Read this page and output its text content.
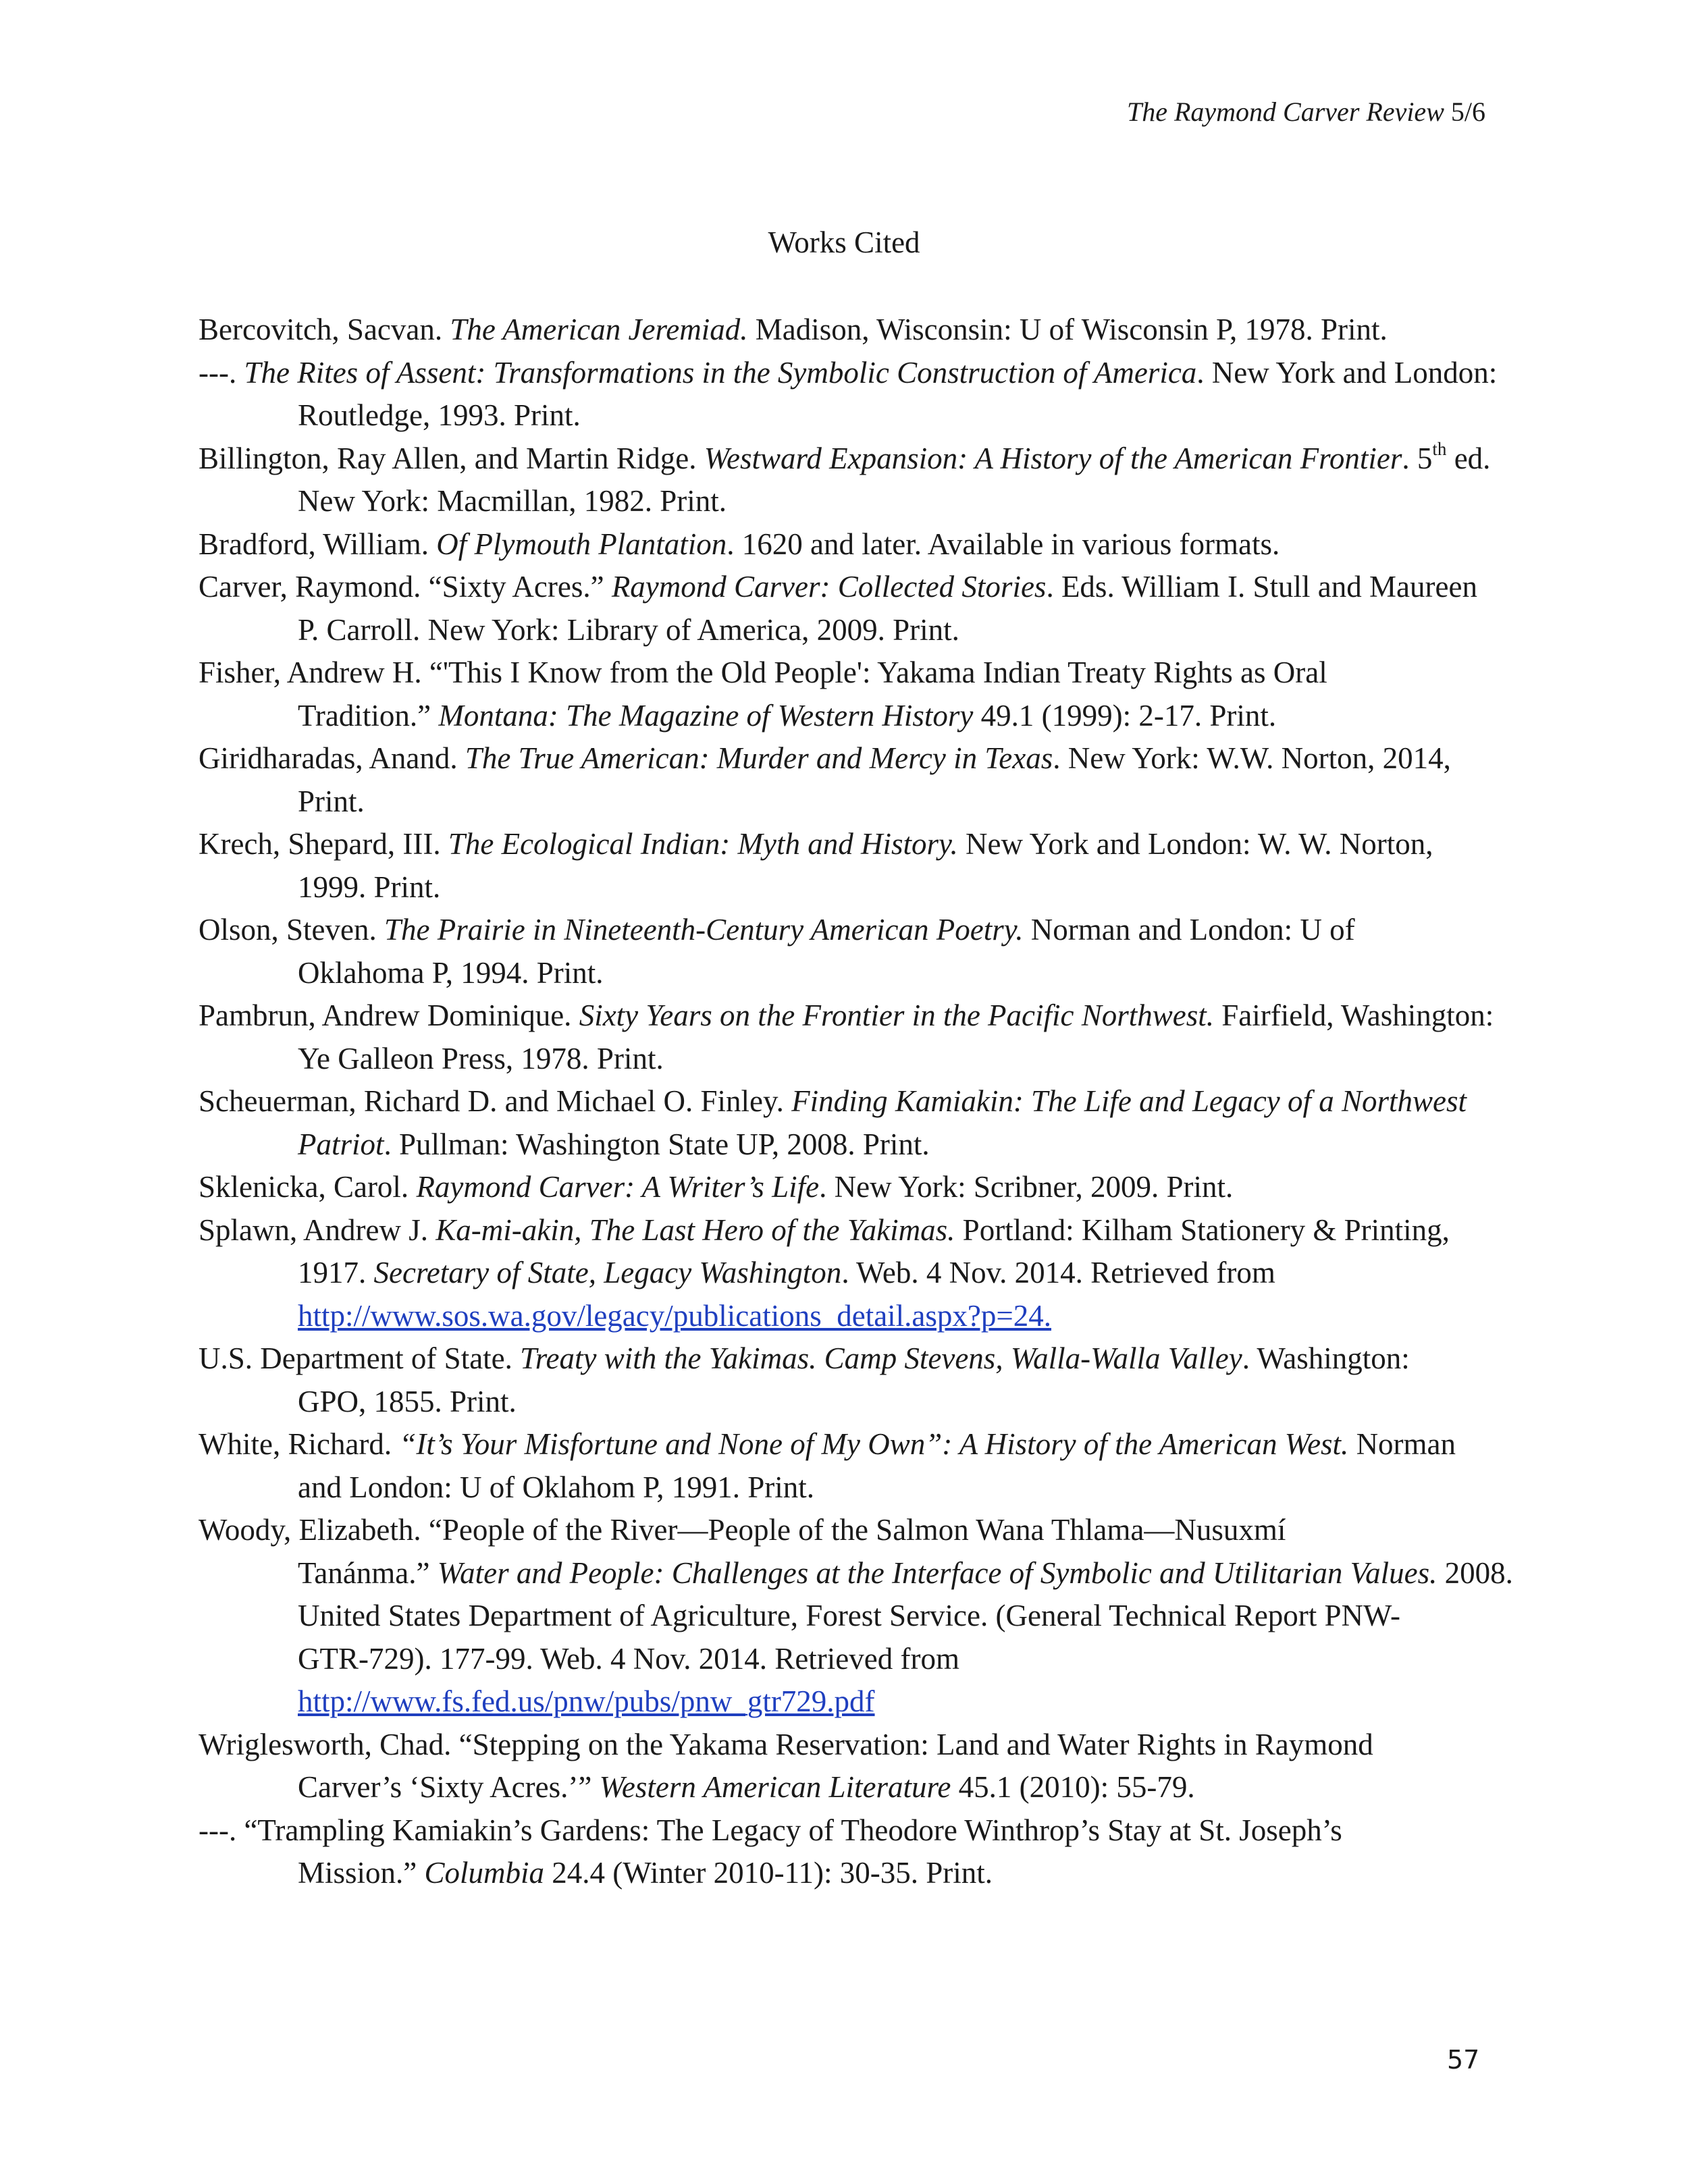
The Raymond Carver Review 5/6
Works Cited
Bercovitch, Sacvan. The American Jeremiad. Madison, Wisconsin: U of Wisconsin P, 1978. Print.
---. The Rites of Assent: Transformations in the Symbolic Construction of America. New York and London:
Routledge, 1993. Print.
Billington, Ray Allen, and Martin Ridge. Westward Expansion: A History of the American Frontier. 5th ed.
New York: Macmillan, 1982. Print.
Bradford, William. Of Plymouth Plantation. 1620 and later. Available in various formats.
Carver, Raymond. “Sixty Acres.” Raymond Carver: Collected Stories. Eds. William I. Stull and Maureen
P. Carroll. New York: Library of America, 2009. Print.
Fisher, Andrew H. “'This I Know from the Old People': Yakama Indian Treaty Rights as Oral
Tradition.” Montana: The Magazine of Western History 49.1 (1999): 2-17. Print.
Giridharadas, Anand. The True American: Murder and Mercy in Texas. New York: W.W. Norton, 2014,
Print.
Krech, Shepard, III. The Ecological Indian: Myth and History. New York and London: W. W. Norton,
1999. Print.
Olson, Steven. The Prairie in Nineteenth-Century American Poetry. Norman and London: U of
Oklahoma P, 1994. Print.
Pambrun, Andrew Dominique. Sixty Years on the Frontier in the Pacific Northwest. Fairfield, Washington:
Ye Galleon Press, 1978. Print.
Scheuerman, Richard D. and Michael O. Finley. Finding Kamiakin: The Life and Legacy of a Northwest
Patriot. Pullman: Washington State UP, 2008. Print.
Sklenicka, Carol. Raymond Carver: A Writer’s Life. New York: Scribner, 2009. Print.
Splawn, Andrew J. Ka-mi-akin, The Last Hero of the Yakimas. Portland: Kilham Stationery & Printing,
1917. Secretary of State, Legacy Washington. Web. 4 Nov. 2014. Retrieved from
http://www.sos.wa.gov/legacy/publications_detail.aspx?p=24.
U.S. Department of State. Treaty with the Yakimas. Camp Stevens, Walla-Walla Valley. Washington:
GPO, 1855. Print.
White, Richard. “It’s Your Misfortune and None of My Own”: A History of the American West. Norman
and London: U of Oklahom P, 1991. Print.
Woody, Elizabeth. “People of the River—People of the Salmon Wana Thlama—Nusuxmí
Tanánma.” Water and People: Challenges at the Interface of Symbolic and Utilitarian Values. 2008.
United States Department of Agriculture, Forest Service. (General Technical Report PNW-
GTR-729). 177-99. Web. 4 Nov. 2014. Retrieved from
http://www.fs.fed.us/pnw/pubs/pnw_gtr729.pdf
Wriglesworth, Chad. “Stepping on the Yakama Reservation: Land and Water Rights in Raymond
Carver’s ‘Sixty Acres.’” Western American Literature 45.1 (2010): 55-79.
---. “Trampling Kamiakin’s Gardens: The Legacy of Theodore Winthrop’s Stay at St. Joseph’s
Mission.” Columbia 24.4 (Winter 2010-11): 30-35. Print.
57
